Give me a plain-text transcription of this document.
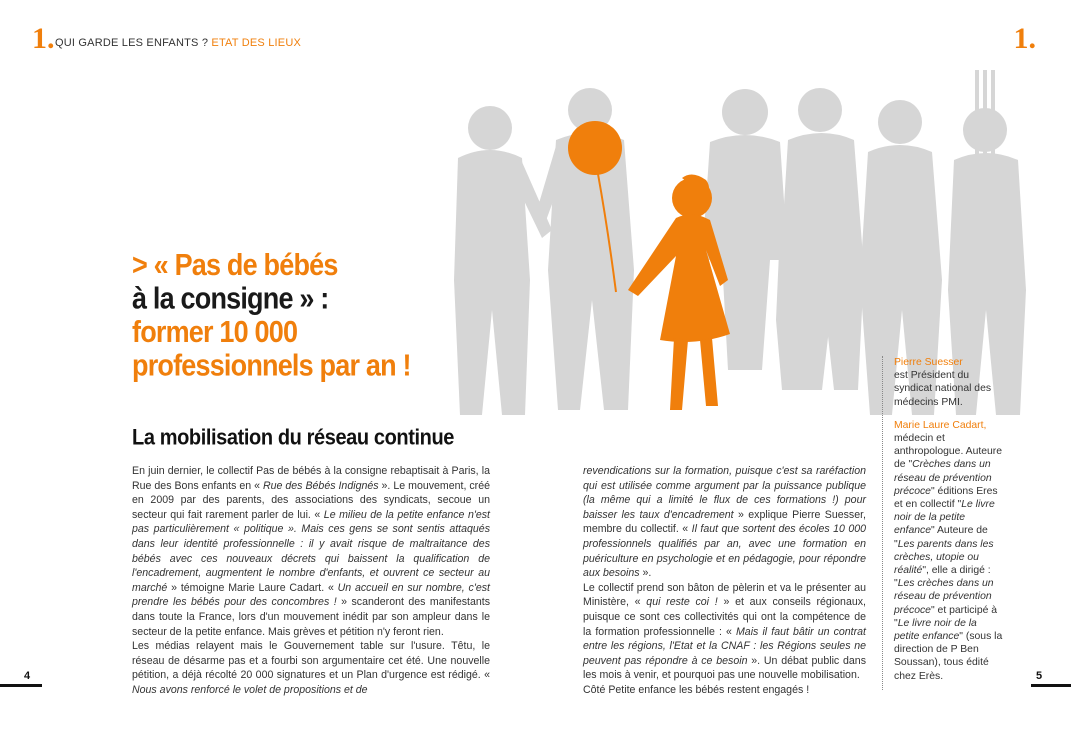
1. QUI GARDE LES ENFANTS ? ETAT DES LIEUX	1.
> « Pas de bébés
à la consigne » :
former 10 000
professionnels par an !
La mobilisation du réseau continue
En juin dernier, le collectif Pas de bébés à la consigne rebaptisait à Paris, la Rue des Bons enfants en « Rue des Bébés Indignés ». Le mouvement, créé en 2009 par des parents, des associations des syndicats, secoue un secteur qui fait rarement parler de lui. « Le milieu de la petite enfance n'est pas particulièrement « politique ». Mais ces gens se sont sentis attaqués dans leur identité professionnelle : il y avait risque de maltraitance des bébés avec ces nouveaux décrets qui baissent la qualification de l'encadrement, augmentent le nombre d'enfants, et ouvrent ce secteur au marché » témoigne Marie Laure Cadart. « Un accueil en sur nombre, c'est prendre les bébés pour des concombres ! » scanderont des manifestants dans toute la France, lors d'un mouvement inédit par son ampleur dans le secteur de la petite enfance. Mais grèves et pétition n'y feront rien.
Les médias relayent mais le Gouvernement table sur l'usure. Têtu, le réseau de désarme pas et a fourbi son argumentaire cet été. Une nouvelle pétition, a déjà récolté 20 000 signatures et un Plan d'urgence est rédigé. « Nous avons renforcé le volet de propositions et de
revendications sur la formation, puisque c'est sa raréfaction qui est utilisée comme argument par la puissance publique (la même qui a limité le flux de ces formations !) pour baisser les taux d'encadrement » explique Pierre Suesser, membre du collectif. « Il faut que sortent des écoles 10 000 professionnels qualifiés par an, avec une formation en puériculture en psychologie et en pédagogie, pour répondre aux besoins ».
Le collectif prend son bâton de pèlerin et va le présenter au Ministère, « qui reste coi ! » et aux conseils régionaux, puisque ce sont ces collectivités qui ont la compétence de la formation professionnelle : « Mais il faut bâtir un contrat entre les régions, l'Etat et la CNAF : les Régions seules ne peuvent pas répondre à ce besoin ». Un débat public dans les mois à venir, et pourquoi pas une nouvelle mobilisation.
Côté Petite enfance les bébés restent engagés !

Pierre Suesser
est Président du syndicat national des médecins PMI.

Marie Laure Cadart,
médecin et anthropologue. Auteure de "Crèches dans un réseau de prévention précoce" éditions Eres et en collectif "Le livre noir de la petite enfance" Auteure de "Les parents dans les crèches, utopie ou réalité", elle a dirigé : "Les crèches dans un réseau de prévention précoce" et participé à "Le livre noir de la petite enfance" (sous la direction de P Ben Soussan), tous édité chez Erès.

4	5
